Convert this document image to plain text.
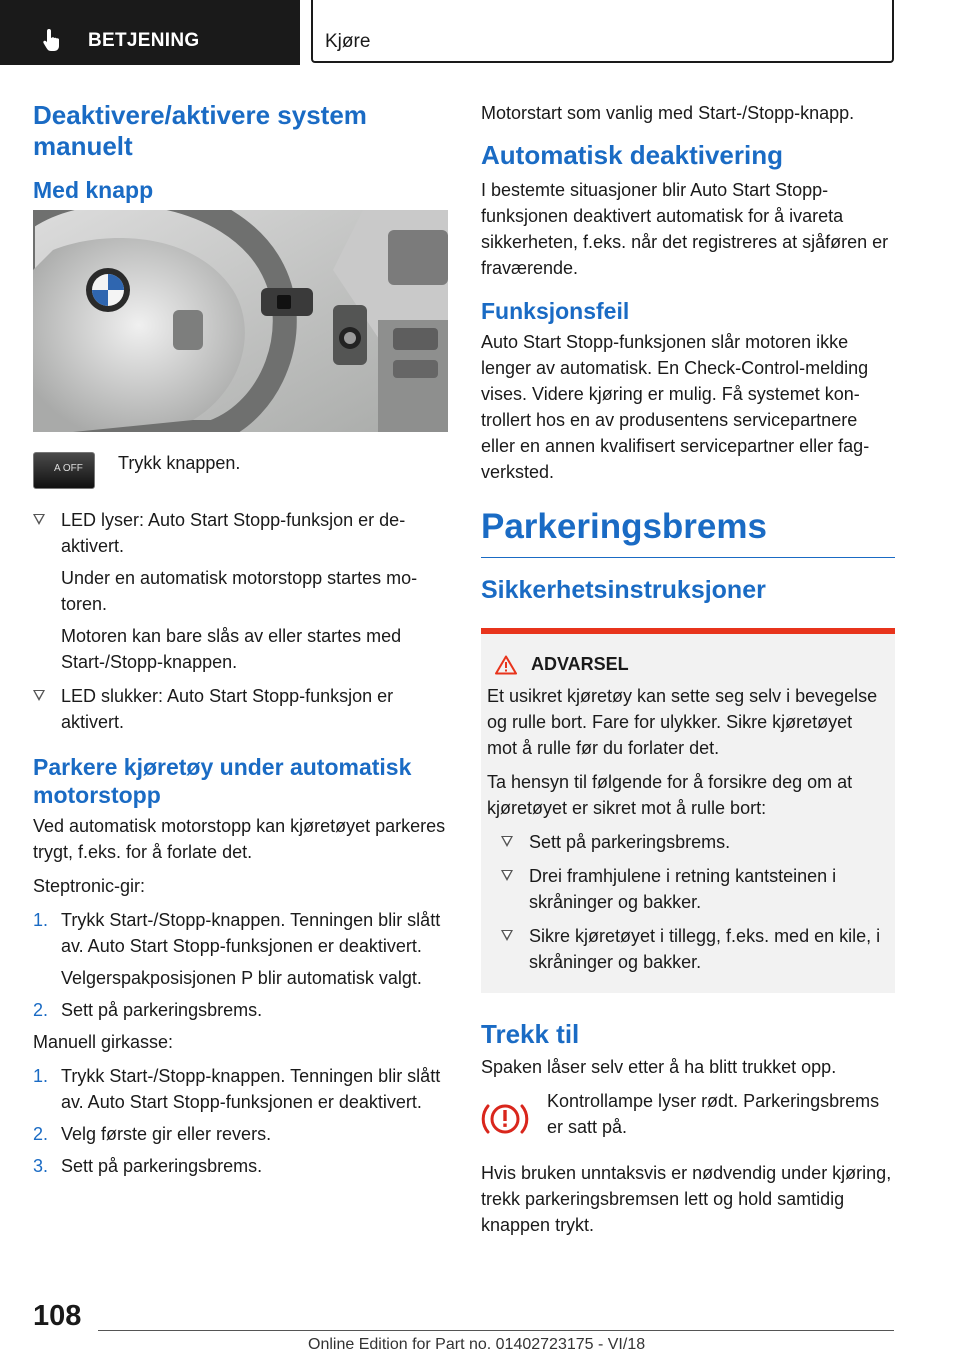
BETJENING	Kjøre
Deaktivere/aktivere system manuelt
Med knapp
A OFF Trykk knappen.
LED lyser: Auto Start Stopp-funksjon er deaktivert.
Under en automatisk motorstopp startes motoren.
Motoren kan bare slås av eller startes med Start-/Stopp-knappen.
LED slukker: Auto Start Stopp-funksjon er aktivert.
Parkere kjøretøy under automatisk motorstopp
Ved automatisk motorstopp kan kjøretøyet parkeres trygt, f.eks. for å forlate det.
Steptronic-gir:
1. Trykk Start-/Stopp-knappen. Tenningen blir slått av. Auto Start Stopp-funksjonen er deaktivert.
Velgerspakposisjonen P blir automatisk valgt.
2. Sett på parkeringsbrems.
Manuell girkasse:
1. Trykk Start-/Stopp-knappen. Tenningen blir slått av. Auto Start Stopp-funksjonen er deaktivert.
2. Velg første gir eller revers.
3. Sett på parkeringsbrems.
Motorstart som vanlig med Start-/Stopp-knapp.
Automatisk deaktivering
I bestemte situasjoner blir Auto Start Stopp-funksjonen deaktivert automatisk for å ivareta sikkerheten, f.eks. når det registreres at sjåføren er fraværende.
Funksjonsfeil
Auto Start Stopp-funksjonen slår motoren ikke lenger av automatisk. En Check-Control-melding vises. Videre kjøring er mulig. Få systemet kontrollert hos en av produsentens servicepartnere eller en annen kvalifisert servicepartner eller fagverksted.
Parkeringsbrems
Sikkerhetsinstruksjoner
ADVARSEL
Et usikret kjøretøy kan sette seg selv i bevegelse og rulle bort. Fare for ulykker. Sikre kjøretøyet mot å rulle før du forlater det.
Ta hensyn til følgende for å forsikre deg om at kjøretøyet er sikret mot å rulle bort:
Sett på parkeringsbrems.
Drei framhjulene i retning kantsteinen i skråninger og bakker.
Sikre kjøretøyet i tillegg, f.eks. med en kile, i skråninger og bakker.
Trekk til
Spaken låser selv etter å ha blitt trukket opp.
Kontrollampe lyser rødt. Parkeringsbrems er satt på.
Hvis bruken unntaksvis er nødvendig under kjøring, trekk parkeringsbremsen lett og hold samtidig knappen trykt.
108
Online Edition for Part no. 01402723175 - VI/18
